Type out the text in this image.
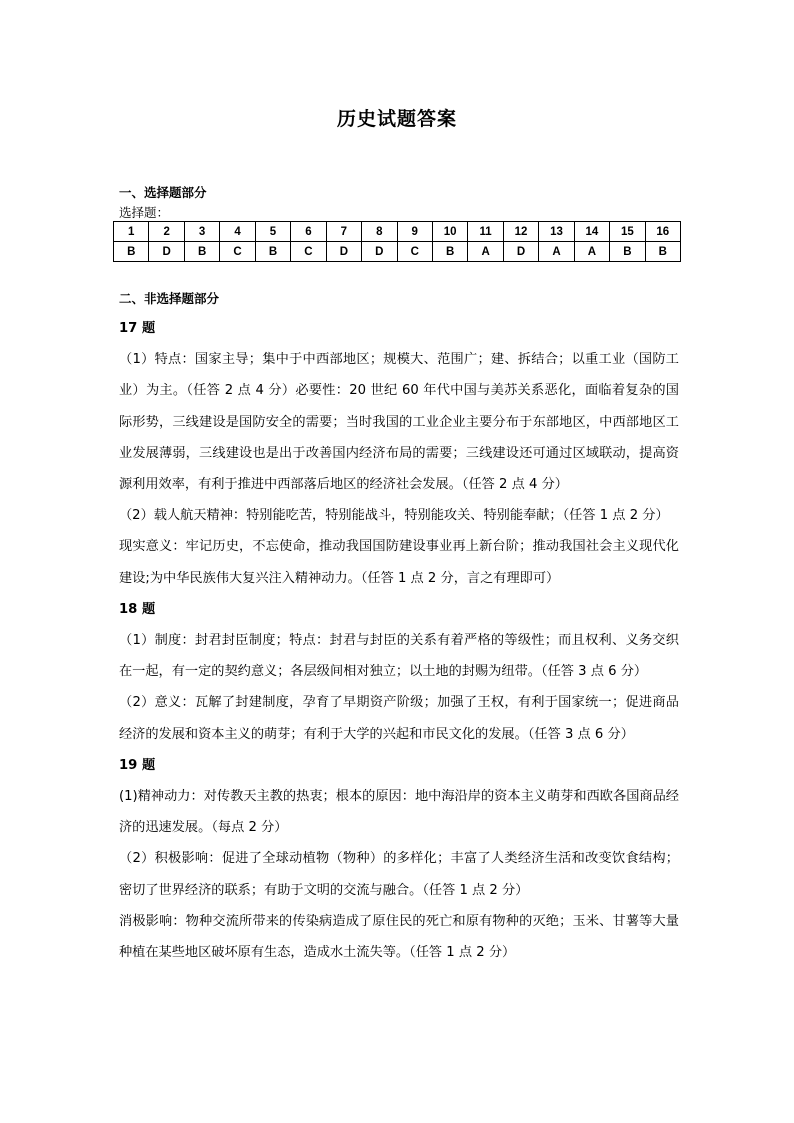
历史试题答案
一、选择题部分
选择题：
1	2	3	4	5	6	7	8	9	10	11	12	13	14	15	16
B	D	B	C	B	C	D	D	C	B	A	D	A	A	B	B
二、非选择题部分

17 题

（1）特点：国家主导；集中于中西部地区；规模大、范围广；建、拆结合；以重工业（国防工业）为主。（任答 2 点 4 分）必要性：20 世纪 60 年代中国与美苏关系恶化，面临着复杂的国际形势，三线建设是国防安全的需要；当时我国的工业企业主要分布于东部地区，中西部地区工业发展薄弱，三线建设也是出于改善国内经济布局的需要；三线建设还可通过区域联动，提高资源利用效率，有利于推进中西部落后地区的经济社会发展。（任答 2 点 4 分）

（2）载人航天精神：特别能吃苦，特别能战斗，特别能攻关、特别能奉献；（任答 1 点 2 分）

现实意义：牢记历史，不忘使命，推动我国国防建设事业再上新台阶；推动我国社会主义现代化建设;为中华民族伟大复兴注入精神动力。（任答 1 点 2 分，言之有理即可）

18 题

（1）制度：封君封臣制度；特点：封君与封臣的关系有着严格的等级性；而且权利、义务交织在一起，有一定的契约意义；各层级间相对独立；以土地的封赐为纽带。（任答 3 点 6 分）

（2）意义：瓦解了封建制度，孕育了早期资产阶级；加强了王权，有利于国家统一；促进商品经济的发展和资本主义的萌芽；有利于大学的兴起和市民文化的发展。（任答 3 点 6 分）

19 题

(1)精神动力：对传教天主教的热衷；根本的原因：地中海沿岸的资本主义萌芽和西欧各国商品经济的迅速发展。（每点 2 分）

（2）积极影响：促进了全球动植物（物种）的多样化；丰富了人类经济生活和改变饮食结构；密切了世界经济的联系；有助于文明的交流与融合。（任答 1 点 2 分）

消极影响：物种交流所带来的传染病造成了原住民的死亡和原有物种的灭绝；玉米、甘薯等大量种植在某些地区破坏原有生态，造成水土流失等。（任答 1 点 2 分）
